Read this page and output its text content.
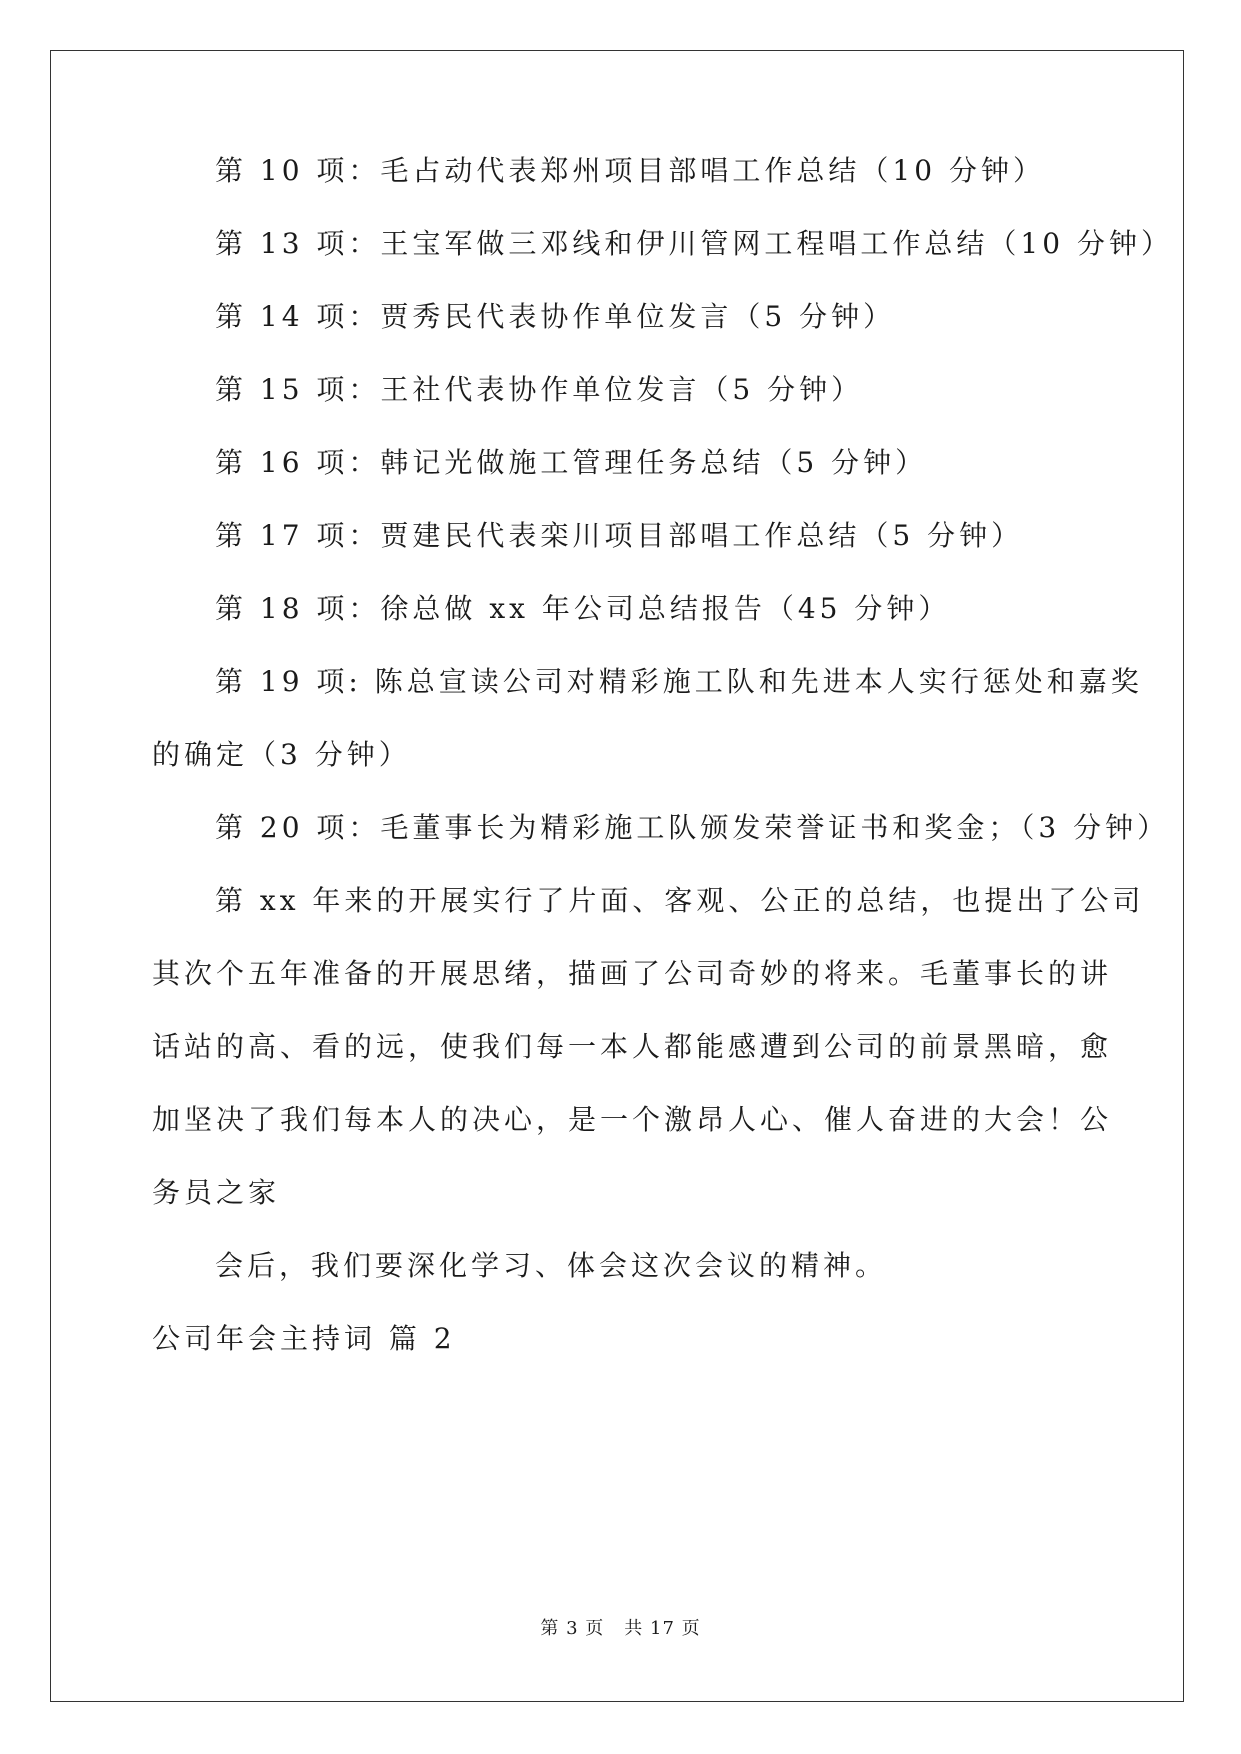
第 10 项：毛占动代表郑州项目部唱工作总结（10 分钟）
第 13 项：王宝军做三邓线和伊川管网工程唱工作总结（10 分钟）
第 14 项：贾秀民代表协作单位发言（5 分钟）
第 15 项：王社代表协作单位发言（5 分钟）
第 16 项：韩记光做施工管理任务总结（5 分钟）
第 17 项：贾建民代表栾川项目部唱工作总结（5 分钟）
第 18 项：徐总做 xx 年公司总结报告（45 分钟）
第 19 项: 陈总宣读公司对精彩施工队和先进本人实行惩处和嘉奖
的确定（3 分钟）
第 20 项：毛董事长为精彩施工队颁发荣誉证书和奖金；（3 分钟）
第 xx 年来的开展实行了片面、客观、公正的总结，也提出了公司
其次个五年准备的开展思绪，描画了公司奇妙的将来。毛董事长的讲
话站的高、看的远，使我们每一本人都能感遭到公司的前景黑暗，愈
加坚决了我们每本人的决心，是一个激昂人心、催人奋进的大会！公
务员之家
会后，我们要深化学习、体会这次会议的精神。
公司年会主持词 篇 2
第 3 页 共 17 页
